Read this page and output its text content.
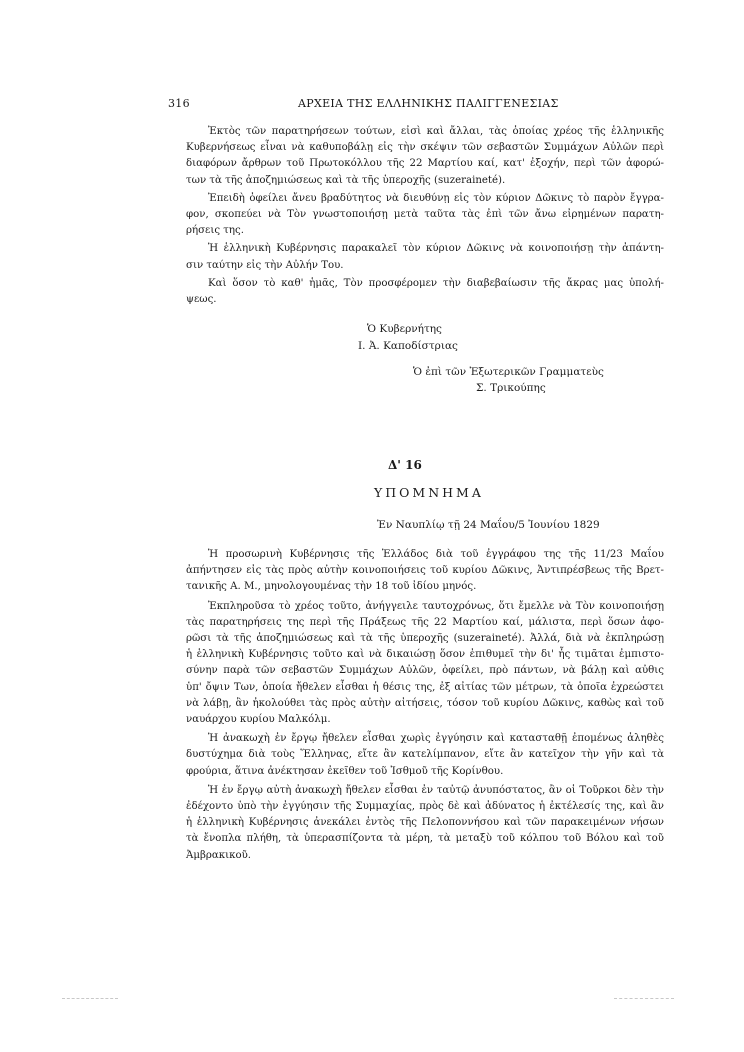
316	ΑΡΧΕΙΑ ΤΗΣ ΕΛΛΗΝΙΚΗΣ ΠΑΛΙΓΓΕΝΕΣΙΑΣ
Ἐκτὸς τῶν παρατηρήσεων τούτων, εἰσὶ καὶ ἄλλαι, τὰς ὁποίας χρέος τῆς ἑλληνικῆς
Κυβερνήσεως εἶναι νὰ καθυποβάλῃ εἰς τὴν σκέψιν τῶν σεβαστῶν Συμμάχων Αὐλῶν περὶ
διαφόρων ἄρθρων τοῦ Πρωτοκόλλου τῆς 22 Μαρτίου καί, κατ' ἐξοχήν, περὶ τῶν ἀφορώ-
των τὰ τῆς ἀποζημιώσεως καὶ τὰ τῆς ὑπεροχῆς (suzeraineté).
Ἐπειδὴ ὀφείλει ἄνευ βραδύτητος νὰ διευθύνῃ εἰς τὸν κύριον Δῶκινς τὸ παρὸν ἔγγρα-
φον, σκοπεύει νὰ Τὸν γνωστοποιήσῃ μετὰ ταῦτα τὰς ἐπὶ τῶν ἄνω εἰρημένων παρατη-
ρήσεις της.
Ἡ ἑλληνικὴ Κυβέρνησις παρακαλεῖ τὸν κύριον Δῶκινς νὰ κοινοποιήσῃ τὴν ἀπάντη-
σιν ταύτην εἰς τὴν Αὐλήν Του.
Καὶ ὅσον τὸ καθ' ἡμᾶς, Τὸν προσφέρομεν τὴν διαβεβαίωσιν τῆς ἄκρας μας ὑπολή-
ψεως.
Ὁ Κυβερνήτης
Ι. Ἀ. Καποδίστριας
Ὁ ἐπὶ τῶν Ἐξωτερικῶν Γραμματεὺς
Σ. Τρικούπης
Δ' 16
ΥΠΟΜΝΗΜΑ
Ἐν Ναυπλίῳ τῇ 24 Μαΐου/5 Ἰουνίου 1829
Ἡ προσωρινὴ Κυβέρνησις τῆς Ἑλλάδος διὰ τοῦ ἐγγράφου της τῆς 11/23 Μαΐου
ἀπήντησεν εἰς τὰς πρὸς αὐτὴν κοινοποιήσεις τοῦ κυρίου Δῶκινς, Ἀντιπρέσβεως τῆς Βρετ-
τανικῆς Α. Μ., μηνολογουμένας τὴν 18 τοῦ ἰδίου μηνός.
Ἐκπληροῦσα τὸ χρέος τοῦτο, ἀνήγγειλε ταυτοχρόνως, ὅτι ἔμελλε νὰ Τὸν κοινοποιήσῃ
τὰς παρατηρήσεις της περὶ τῆς Πράξεως τῆς 22 Μαρτίου καί, μάλιστα, περὶ ὅσων ἀφο-
ρῶσι τὰ τῆς ἀποζημιώσεως καὶ τὰ τῆς ὑπεροχῆς (suzeraineté). Ἀλλά, διὰ νὰ ἐκπληρώσῃ
ἡ ἑλληνικὴ Κυβέρνησις τοῦτο καὶ νὰ δικαιώσῃ ὅσον ἐπιθυμεῖ τὴν δι' ἧς τιμᾶται ἐμπιστο-
σύνην παρὰ τῶν σεβαστῶν Συμμάχων Αὐλῶν, ὀφείλει, πρὸ πάντων, νὰ βάλῃ καὶ αὐθις
ὑπ' ὄψιν Των, ὁποία ἤθελεν εἶσθαι ἡ θέσις της, ἐξ αἰτίας τῶν μέτρων, τὰ ὁποῖα ἐχρεώστει
νὰ λάβῃ, ἂν ἠκολούθει τὰς πρὸς αὐτὴν αἰτήσεις, τόσον τοῦ κυρίου Δῶκινς, καθὼς καὶ τοῦ
ναυάρχου κυρίου Μαλκόλμ.
Ἡ ἀνακωχὴ ἐν ἔργῳ ἤθελεν εἶσθαι χωρὶς ἐγγύησιν καὶ κατασταθῇ ἐπομένως ἀληθὲς
δυστύχημα διὰ τοὺς Ἕλληνας, εἴτε ἂν κατελίμπανον, εἴτε ἂν κατεῖχον τὴν γῆν καὶ τὰ
φρούρια, ἅτινα ἀνέκτησαν ἐκεῖθεν τοῦ Ἰσθμοῦ τῆς Κορίνθου.
Ἡ ἐν ἔργῳ αὐτὴ ἀνακωχὴ ἤθελεν εἶσθαι ἐν ταὐτῷ ἀνυπόστατος, ἂν οἱ Τοῦρκοι δὲν τὴν
ἐδέχοντο ὑπὸ τὴν ἐγγύησιν τῆς Συμμαχίας, πρὸς δὲ καὶ ἀδύνατος ἡ ἐκτέλεσίς της, καὶ ἂν
ἡ ἑλληνικὴ Κυβέρνησις ἀνεκάλει ἐντὸς τῆς Πελοποννήσου καὶ τῶν παρακειμένων νήσων
τὰ ἔνοπλα πλήθη, τὰ ὑπερασπίζοντα τὰ μέρη, τὰ μεταξὺ τοῦ κόλπου τοῦ Βόλου καὶ τοῦ
Ἀμβρακικοῦ.
